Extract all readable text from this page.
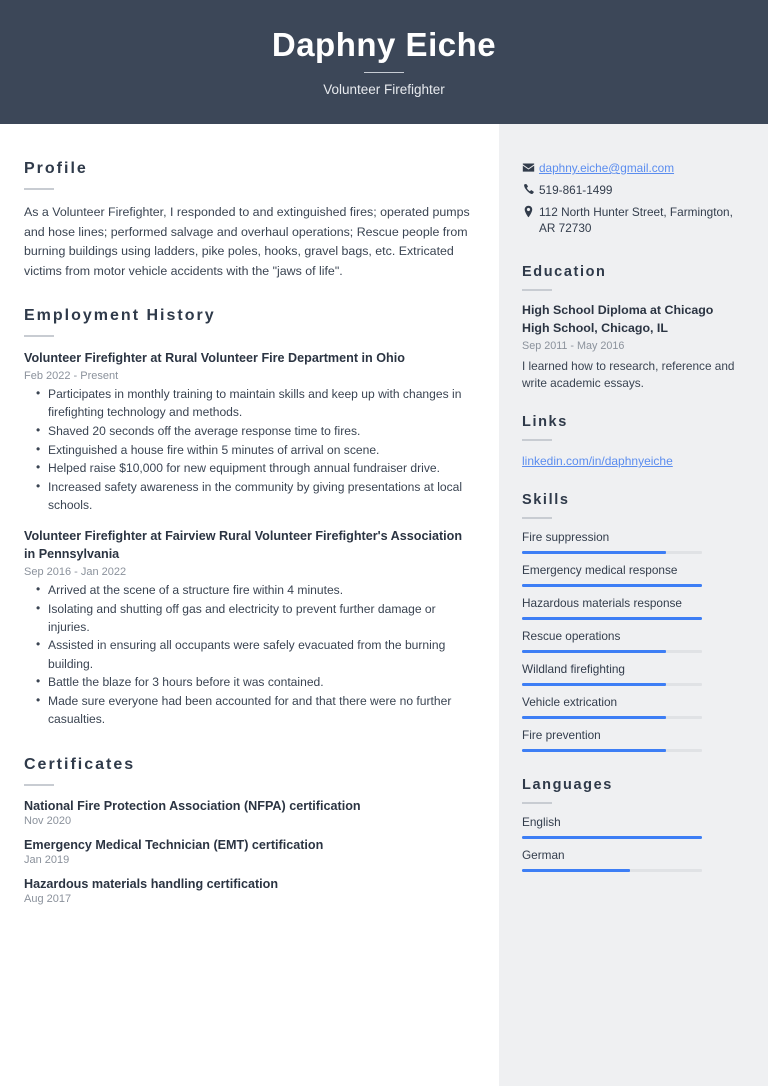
Daphny Eiche
Volunteer Firefighter
Profile
As a Volunteer Firefighter, I responded to and extinguished fires; operated pumps and hose lines; performed salvage and overhaul operations; Rescue people from burning buildings using ladders, pike poles, hooks, gravel bags, etc. Extricated victims from motor vehicle accidents with the "jaws of life".
Employment History
Volunteer Firefighter at Rural Volunteer Fire Department in Ohio
Feb 2022 - Present
• Participates in monthly training to maintain skills and keep up with changes in firefighting technology and methods.
• Shaved 20 seconds off the average response time to fires.
• Extinguished a house fire within 5 minutes of arrival on scene.
• Helped raise $10,000 for new equipment through annual fundraiser drive.
• Increased safety awareness in the community by giving presentations at local schools.
Volunteer Firefighter at Fairview Rural Volunteer Firefighter's Association in Pennsylvania
Sep 2016 - Jan 2022
• Arrived at the scene of a structure fire within 4 minutes.
• Isolating and shutting off gas and electricity to prevent further damage or injuries.
• Assisted in ensuring all occupants were safely evacuated from the burning building.
• Battle the blaze for 3 hours before it was contained.
• Made sure everyone had been accounted for and that there were no further casualties.
Certificates
National Fire Protection Association (NFPA) certification
Nov 2020
Emergency Medical Technician (EMT) certification
Jan 2019
Hazardous materials handling certification
Aug 2017
daphny.eiche@gmail.com
519-861-1499
112 North Hunter Street, Farmington, AR 72730
Education
High School Diploma at Chicago High School, Chicago, IL
Sep 2011 - May 2016
I learned how to research, reference and write academic essays.
Links
linkedin.com/in/daphnyeiche
Skills
Fire suppression
Emergency medical response
Hazardous materials response
Rescue operations
Wildland firefighting
Vehicle extrication
Fire prevention
Languages
English
German
